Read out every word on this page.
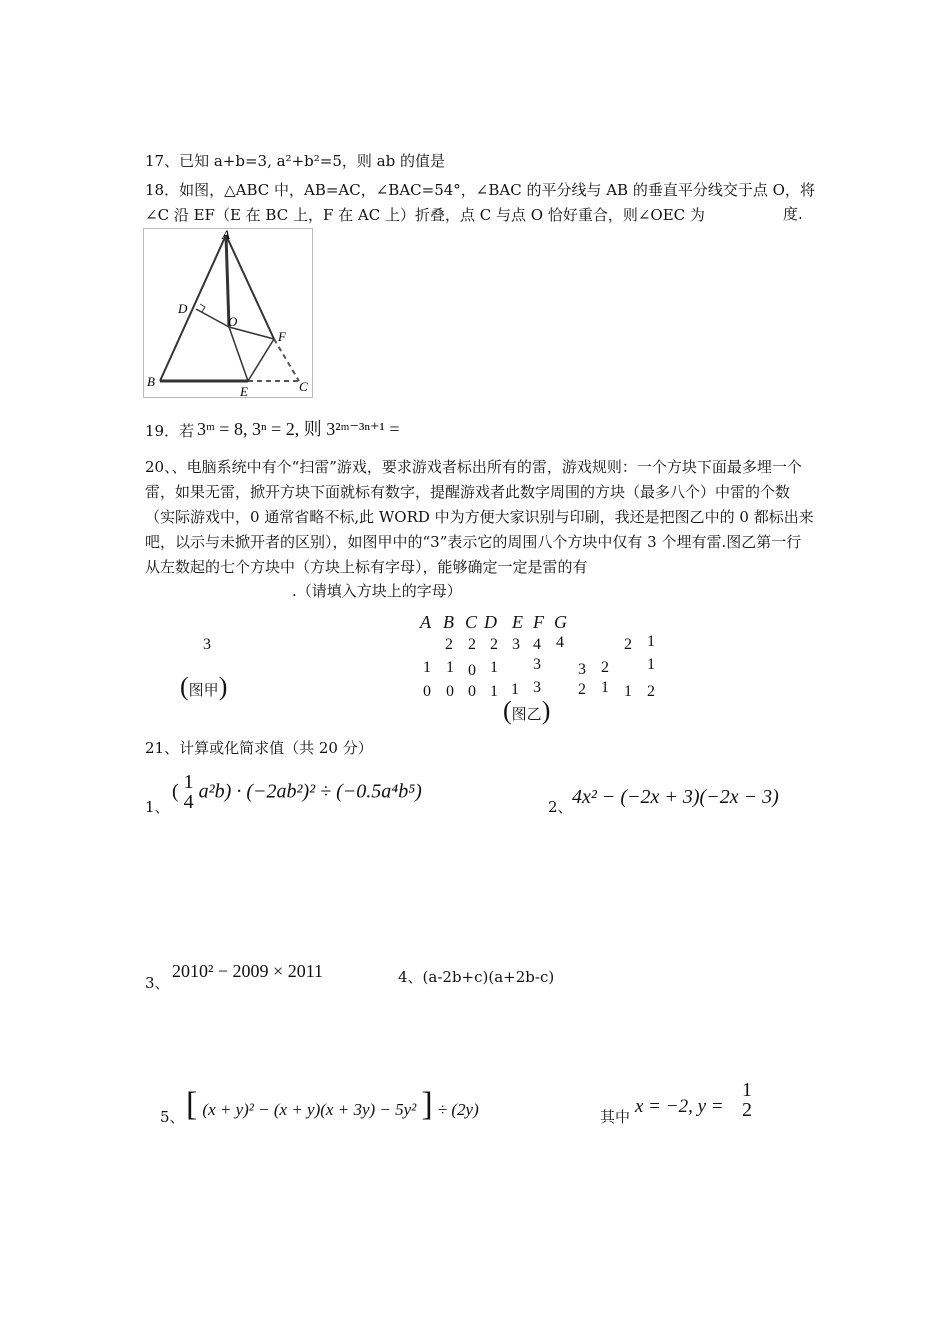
17、已知 a+b=3, a²+b²=5，则 ab 的值是
18．如图，△ABC 中，AB=AC，∠BAC=54°，∠BAC 的平分线与 AB 的垂直平分线交于点 O，将∠C 沿 EF（E 在 BC 上，F 在 AC 上）折叠，点 C 与点 O 恰好重合，则∠OEC 为	度.
A
B	C
D
E
F
O
19．若 3ᵐ = 8, 3ⁿ = 2, 则 3²ᵐ⁻³ⁿ⁺¹ =
20、、电脑系统中有个“扫雷”游戏，要求游戏者标出所有的雷，游戏规则：一个方块下面最多埋一个雷，如果无雷，掀开方块下面就标有数字，提醒游戏者此数字周围的方块（最多八个）中雷的个数（实际游戏中，0 通常省略不标,此 WORD 中为方便大家识别与印刷，我还是把图乙中的 0 都标出来吧，以示与未掀开者的区别），如图甲中的“3”表示它的周围八个方块中仅有 3 个埋有雷.图乙第一行从左数起的七个方块中（方块上标有字母），能够确定一定是雷的有
.（请填入方块上的字母）
3
(图甲)
A B C D E F G
2 2 2 3 4 4	2 1
1 1 0 1 3 3 2 1
0 0 0 1 1 3 2 1 1 2
(图乙)
21、计算或化简求值（共 20 分）
1、
( 1
4 a²b) · (−2ab²)² ÷ (−0.5a⁴b⁵)
2、 4x² − (−2x + 3)(−2x − 3)
3、
2010² − 2009 × 2011	4、(a-2b+c)(a+2b-c)
5、 [ (x + y)² − (x + y)(x + 3y) − 5y² ] ÷ (2y)	其中 x = −2, y =
1
2
